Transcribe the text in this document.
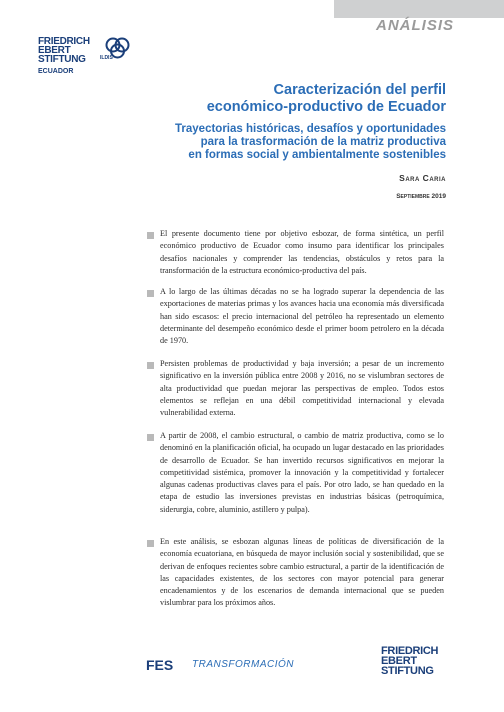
ANÁLISIS
FRIEDRICH
EBERT
STIFTUNG	ILDIS
ECUADOR
Caracterización del perfil
económico-productivo de Ecuador
Trayectorias históricas, desafíos y oportunidades
para la trasformación de la matriz productiva
en formas social y ambientalmente sostenibles
Sara Caria
Septiembre 2019

El presente documento tiene por objetivo esbozar, de forma sintética, un perfil económico productivo de Ecuador como insumo para identificar los principales desafíos nacionales y comprender las tendencias, obstáculos y retos para la transformación de la estructura económico-productiva del país.

A lo largo de las últimas décadas no se ha logrado superar la dependencia de las exportaciones de materias primas y los avances hacia una economía más diversificada han sido escasos: el precio internacional del petróleo ha representado un elemento determinante del desempeño económico desde el primer boom petrolero en la década de 1970.

Persisten problemas de productividad y baja inversión; a pesar de un incremento significativo en la inversión pública entre 2008 y 2016, no se vislumbran sectores de alta productividad que puedan mejorar las perspectivas de empleo. Todos estos elementos se reflejan en una débil competitividad internacional y elevada vulnerabilidad externa.

A partir de 2008, el cambio estructural, o cambio de matriz productiva, como se lo denominó en la planificación oficial, ha ocupado un lugar destacado en las prioridades de desarrollo de Ecuador. Se han invertido recursos significativos en mejorar la competitividad sistémica, promover la innovación y la competitividad y fortalecer algunas cadenas productivas claves para el país. Por otro lado, se han quedado en la etapa de estudio las inversiones previstas en industrias básicas (petroquímica, siderurgia, cobre, aluminio, astillero y pulpa).

En este análisis, se esbozan algunas líneas de políticas de diversificación de la economía ecuatoriana, en búsqueda de mayor inclusión social y sostenibilidad, que se derivan de enfoques recientes sobre cambio estructural, a partir de la identificación de las capacidades existentes, de los sectores con mayor potencial para generar encadenamientos y de los escenarios de demanda internacional que se pueden vislumbrar para los próximos años.

FES TRANSFORMACIÓN
FRIEDRICH
EBERT
STIFTUNG
